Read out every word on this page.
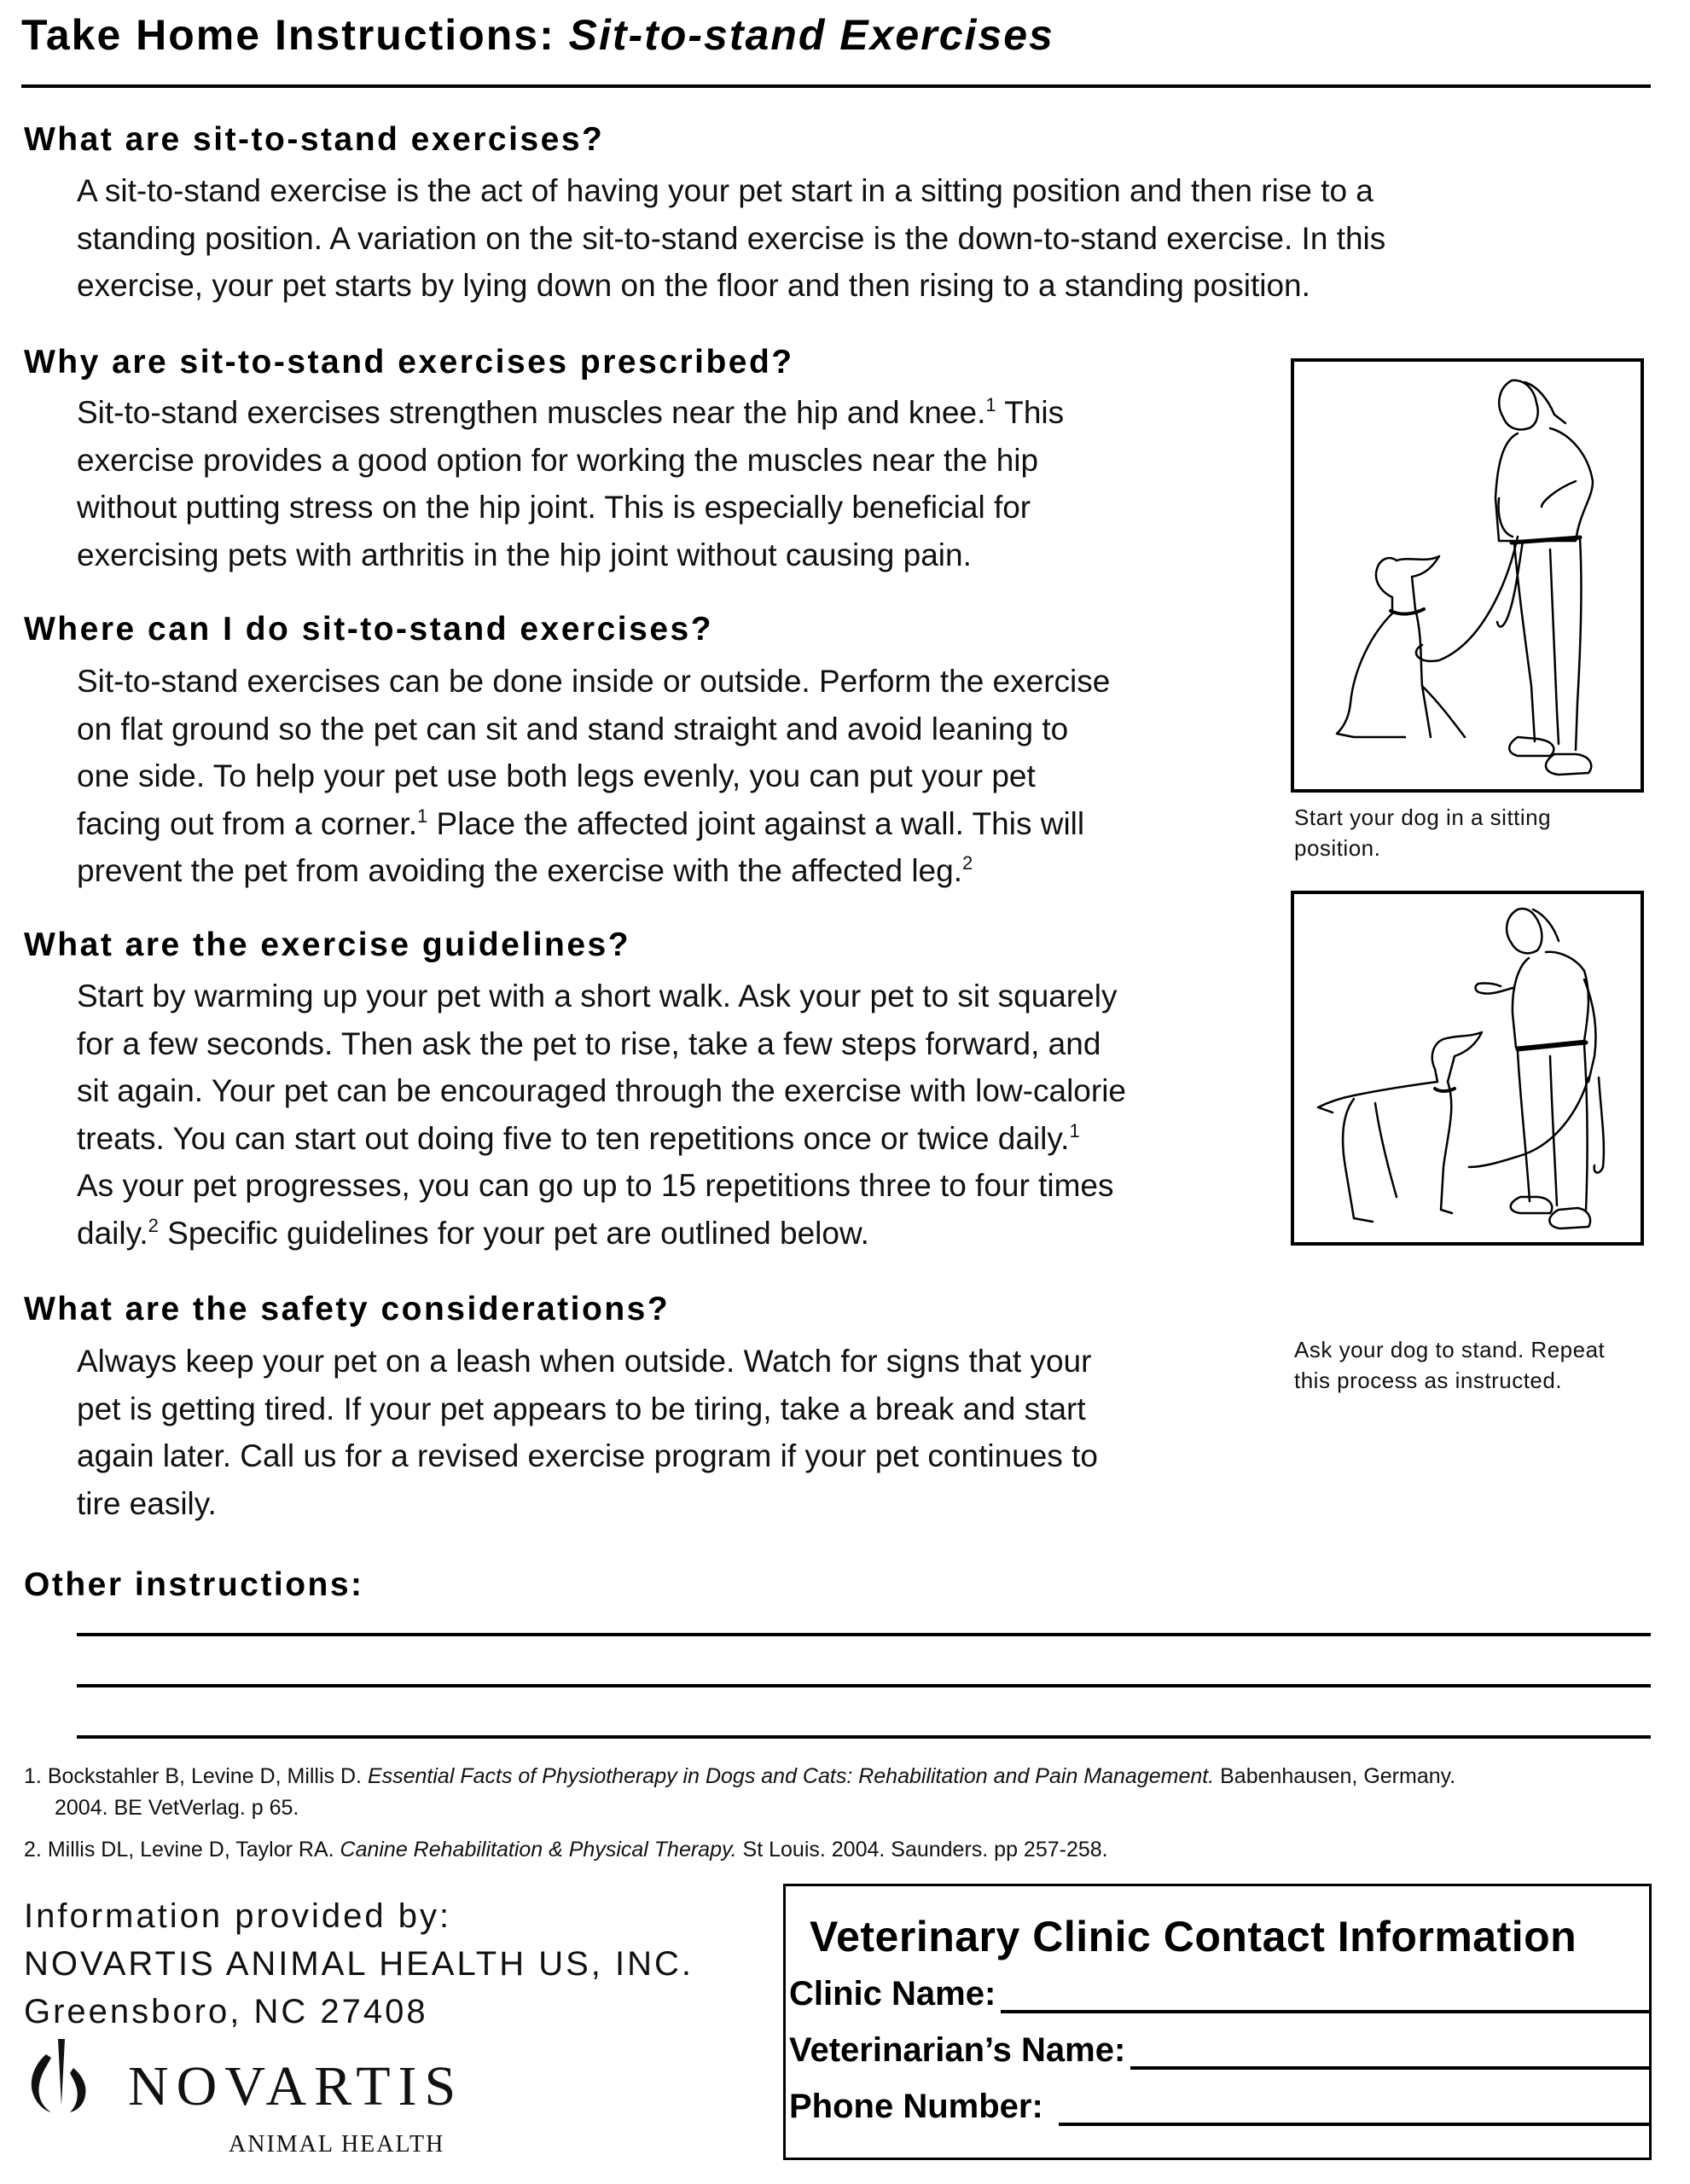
Take Home Instructions: Sit-to-stand Exercises
What are sit-to-stand exercises?
A sit-to-stand exercise is the act of having your pet start in a sitting position and then rise to a
standing position. A variation on the sit-to-stand exercise is the down-to-stand exercise. In this
exercise, your pet starts by lying down on the floor and then rising to a standing position.
Why are sit-to-stand exercises prescribed?
Sit-to-stand exercises strengthen muscles near the hip and knee.$^1$ This
exercise provides a good option for working the muscles near the hip
without putting stress on the hip joint. This is especially beneficial for
exercising pets with arthritis in the hip joint without causing pain.
Where can I do sit-to-stand exercises?
Sit-to-stand exercises can be done inside or outside. Perform the exercise
on flat ground so the pet can sit and stand straight and avoid leaning to
one side. To help your pet use both legs evenly, you can put your pet
facing out from a corner.$^1$ Place the affected joint against a wall. This will
prevent the pet from avoiding the exercise with the affected leg.$^2$
What are the exercise guidelines?
Start by warming up your pet with a short walk. Ask your pet to sit squarely
for a few seconds. Then ask the pet to rise, take a few steps forward, and
sit again. Your pet can be encouraged through the exercise with low-calorie
treats. You can start out doing five to ten repetitions once or twice daily.$^1$
As your pet progresses, you can go up to 15 repetitions three to four times
daily.$^2$ Specific guidelines for your pet are outlined below.
What are the safety considerations?
Always keep your pet on a leash when outside. Watch for signs that your
pet is getting tired. If your pet appears to be tiring, take a break and start
again later. Call us for a revised exercise program if your pet continues to
tire easily.
Start your dog in a sitting
position.
Ask your dog to stand. Repeat
this process as instructed.
Other instructions:
1. Bockstahler B, Levine D, Millis D. Essential Facts of Physiotherapy in Dogs and Cats: Rehabilitation and Pain Management. Babenhausen, Germany.
2004. BE VetVerlag. p 65.
2. Millis DL, Levine D, Taylor RA. Canine Rehabilitation & Physical Therapy. St Louis. 2004. Saunders. pp 257-258.
Information provided by:
NOVARTIS ANIMAL HEALTH US, INC.
Greensboro, NC 27408
NOVARTIS
ANIMAL HEALTH
Veterinary Clinic Contact Information
Clinic Name:
Veterinarian’s Name:
Phone Number:
